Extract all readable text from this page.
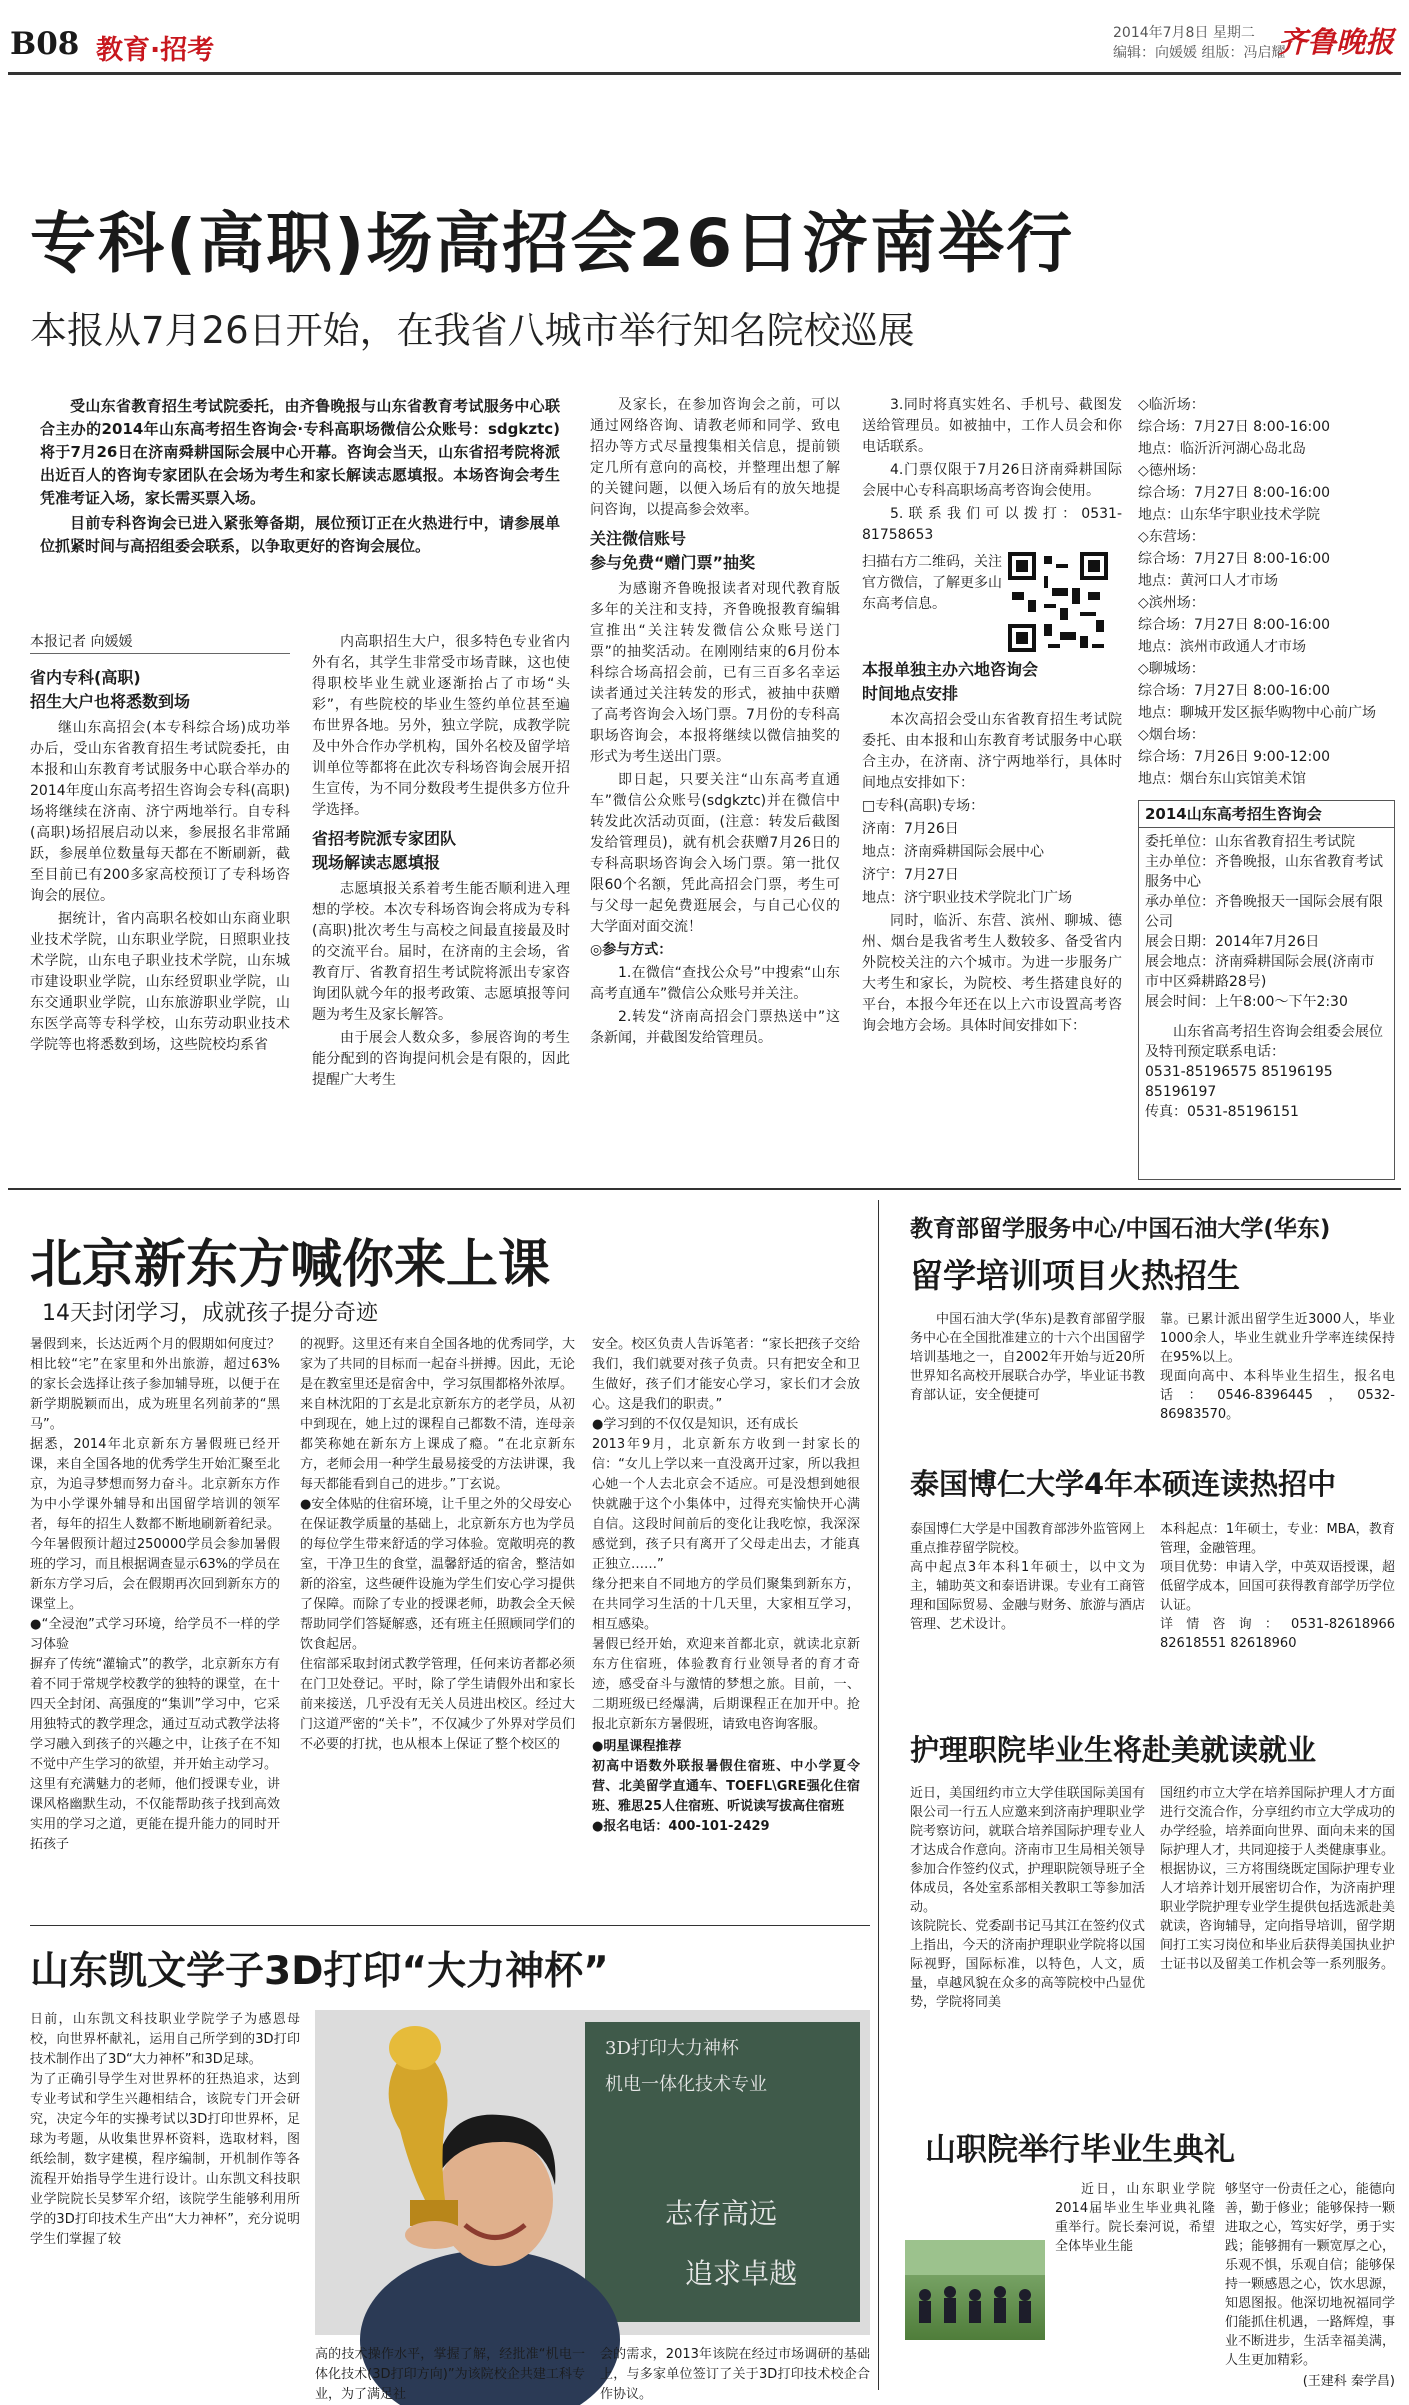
B08 教育·招考
2014年7月8日 星期二
编辑：向媛媛 组版：冯启耀
齐鲁晚报
专科(高职)场高招会26日济南举行
本报从7月26日开始，在我省八城市举行知名院校巡展

受山东省教育招生考试院委托，由齐鲁晚报与山东省教育考试服务中心联合主办的2014年山东高考招生咨询会·专科高职场微信公众账号：sdgkztc)将于7月26日在济南舜耕国际会展中心开幕。咨询会当天，山东省招考院将派出近百人的咨询专家团队在会场为考生和家长解读志愿填报。本场咨询会考生凭准考证入场，家长需买票入场。

目前专科咨询会已进入紧张筹备期，展位预订正在火热进行中，请参展单位抓紧时间与高招组委会联系，以争取更好的咨询会展位。

本报记者 向媛媛

省内专科(高职)

招生大户也将悉数到场

继山东高招会(本专科综合场)成功举办后，受山东省教育招生考试院委托，由本报和山东教育考试服务中心联合举办的2014年度山东高考招生咨询会专科(高职)场将继续在济南、济宁两地举行。自专科(高职)场招展启动以来，参展报名非常踊跃，参展单位数量每天都在不断刷新，截至目前已有200多家高校预订了专科场咨询会的展位。

据统计，省内高职名校如山东商业职业技术学院，山东职业学院，日照职业技术学院，山东电子职业技术学院，山东城市建设职业学院，山东经贸职业学院，山东交通职业学院，山东旅游职业学院，山东医学高等专科学校，山东劳动职业技术学院等也将悉数到场，这些院校均系省

内高职招生大户，很多特色专业省内外有名，其学生非常受市场青睐，这也使得职校毕业生就业逐渐抬占了市场“头彩”，有些院校的毕业生签约单位甚至遍布世界各地。另外，独立学院，成教学院及中外合作办学机构，国外名校及留学培训单位等都将在此次专科场咨询会展开招生宣传，为不同分数段考生提供多方位升学选择。

省招考院派专家团队

现场解读志愿填报

志愿填报关系着考生能否顺利进入理想的学校。本次专科场咨询会将成为专科(高职)批次考生与高校之间最直接最及时的交流平台。届时，在济南的主会场，省教育厅、省教育招生考试院将派出专家咨询团队就今年的报考政策、志愿填报等问题为考生及家长解答。

由于展会人数众多，参展咨询的考生能分配到的咨询提问机会是有限的，因此提醒广大考生

及家长，在参加咨询会之前，可以通过网络咨询、请教老师和同学、致电招办等方式尽量搜集相关信息，提前锁定几所有意向的高校，并整理出想了解的关键问题，以便入场后有的放矢地提问咨询，以提高参会效率。

关注微信账号

参与免费“赠门票”抽奖

为感谢齐鲁晚报读者对现代教育版多年的关注和支持，齐鲁晚报教育编辑宣推出“关注转发微信公众账号送门票”的抽奖活动。在刚刚结束的6月份本科综合场高招会前，已有三百多名幸运读者通过关注转发的形式，被抽中获赠了高考咨询会入场门票。7月份的专科高职场咨询会，本报将继续以微信抽奖的形式为考生送出门票。

即日起，只要关注“山东高考直通车”微信公众账号(sdgkztc)并在微信中转发此次活动页面，(注意：转发后截图发给管理员)，就有机会获赠7月26日的专科高职场咨询会入场门票。第一批仅限60个名额，凭此高招会门票，考生可与父母一起免费逛展会，与自己心仪的大学面对面交流！

◎参与方式：

1.在微信“查找公众号”中搜索“山东高考直通车”微信公众账号并关注。

2.转发“济南高招会门票热送中”这条新闻，并截图发给管理员。

3.同时将真实姓名、手机号、截图发送给管理员。如被抽中，工作人员会和你电话联系。

4.门票仅限于7月26日济南舜耕国际会展中心专科高职场高考咨询会使用。

5.联系我们可以拨打：0531-81758653

扫描右方二维码，关注官方微信，了解更多山东高考信息。

本报单独主办六地咨询会

时间地点安排

本次高招会受山东省教育招生考试院委托、由本报和山东教育考试服务中心联合主办，在济南、济宁两地举行，具体时间地点安排如下：

□专科(高职)专场：

济南：7月26日

地点：济南舜耕国际会展中心

济宁：7月27日

地点：济宁职业技术学院北门广场

同时，临沂、东营、滨州、聊城、德州、烟台是我省考生人数较多、备受省内外院校关注的六个城市。为进一步服务广大考生和家长，为院校、考生搭建良好的平台，本报今年还在以上六市设置高考咨询会地方会场。具体时间安排如下：

◇临沂场：

综合场：7月27日 8:00-16:00

地点：临沂沂河湖心岛北岛

◇德州场：

综合场：7月27日 8:00-16:00

地点：山东华宇职业技术学院

◇东营场：

综合场：7月27日 8:00-16:00

地点：黄河口人才市场

◇滨州场：

综合场：7月27日 8:00-16:00

地点：滨州市政通人才市场

◇聊城场：

综合场：7月27日 8:00-16:00

地点：聊城开发区振华购物中心前广场

◇烟台场：

综合场：7月26日 9:00-12:00

地点：烟台东山宾馆美术馆

2014山东高考招生咨询会
委托单位：山东省教育招生考试院
主办单位：齐鲁晚报，山东省教育考试服务中心
承办单位：齐鲁晚报天一国际会展有限公司
展会日期：2014年7月26日
展会地点：济南舜耕国际会展(济南市市中区舜耕路28号)
展会时间：上午8:00～下午2:30
山东省高考招生咨询会组委会展位及特刊预定联系电话：
0531-85196575 85196195 85196197
传真：0531-85196151
北京新东方喊你来上课
14天封闭学习，成就孩子提分奇迹
暑假到来，长达近两个月的假期如何度过？相比较“宅”在家里和外出旅游，超过63%的家长会选择让孩子参加辅导班，以便于在新学期脱颖而出，成为班里名列前茅的“黑马”。
据悉，2014年北京新东方暑假班已经开课，来自全国各地的优秀学生开始汇聚至北京，为追寻梦想而努力奋斗。北京新东方作为中小学课外辅导和出国留学培训的领军者，每年的招生人数都不断地刷新着纪录。今年暑假预计超过250000学员会参加暑假班的学习，而且根据调查显示63%的学员在新东方学习后，会在假期再次回到新东方的课堂上。
●“全浸泡”式学习环境，给学员不一样的学习体验
摒弃了传统“灌输式”的教学，北京新东方有着不同于常规学校教学的独特的课堂，在十四天全封闭、高强度的“集训”学习中，它采用独特式的教学理念，通过互动式教学法将学习融入到孩子的兴趣之中，让孩子在不知不觉中产生学习的欲望，并开始主动学习。
这里有充满魅力的老师，他们授课专业，讲课风格幽默生动，不仅能帮助孩子找到高效实用的学习之道，更能在提升能力的同时开拓孩子
的视野。这里还有来自全国各地的优秀同学，大家为了共同的目标而一起奋斗拼搏。因此，无论是在教室里还是宿舍中，学习氛围都格外浓厚。
来自林沈阳的丁玄是北京新东方的老学员，从初中到现在，她上过的课程自己都数不清，连母亲都笑称她在新东方上课成了瘾。“在北京新东方，老师会用一种学生最易接受的方法讲课，我每天都能看到自己的进步。”丁玄说。
●安全体贴的住宿环境，让千里之外的父母安心
在保证教学质量的基础上，北京新东方也为学员的每位学生带来舒适的学习体验。宽敞明亮的教室，干净卫生的食堂，温馨舒适的宿舍，整洁如新的浴室，这些硬件设施为学生们安心学习提供了保障。而除了专业的授课老师，助教会全天候帮助同学们答疑解惑，还有班主任照顾同学们的饮食起居。
住宿部采取封闭式教学管理，任何来访者都必须在门卫处登记。平时，除了学生请假外出和家长前来接送，几乎没有无关人员进出校区。经过大门这道严密的“关卡”，不仅减少了外界对学员们不必要的打扰，也从根本上保证了整个校区的
安全。校区负责人告诉笔者：“家长把孩子交给我们，我们就要对孩子负责。只有把安全和卫生做好，孩子们才能安心学习，家长们才会放心。这是我们的职责。”
●学习到的不仅仅是知识，还有成长
2013年9月，北京新东方收到一封家长的信：“女儿上学以来一直没离开过家，所以我担心她一个人去北京会不适应。可是没想到她很快就融于这个小集体中，过得充实愉快开心满自信。这段时间前后的变化让我吃惊，我深深感觉到，孩子只有离开了父母走出去，才能真正独立……”
缘分把来自不同地方的学员们聚集到新东方，在共同学习生活的十几天里，大家相互学习，相互感染。
暑假已经开始，欢迎来首都北京，就读北京新东方住宿班，体验教育行业领导者的育才奇迹，感受奋斗与激情的梦想之旅。目前，一、二期班级已经爆满，后期课程正在加开中。抢报北京新东方暑假班，请致电咨询客服。
●明星课程推荐
初高中语数外联报暑假住宿班、中小学夏令营、北美留学直通车、TOEFL\GRE强化住宿班、雅思25人住宿班、听说读写拔高住宿班
●报名电话：400-101-2429
教育部留学服务中心/中国石油大学(华东)
留学培训项目火热招生

中国石油大学(华东)是教育部留学服务中心在全国批准建立的十六个出国留学培训基地之一，自2002年开始与近20所世界知名高校开展联合办学，毕业证书教育部认证，安全便捷可

靠。已累计派出留学生近3000人，毕业1000余人，毕业生就业升学率连续保持在95%以上。
现面向高中、本科毕业生招生，报名电话：0546-8396445，0532-86983570。
泰国博仁大学4年本硕连读热招中
泰国博仁大学是中国教育部涉外监管网上重点推荐留学院校。
高中起点3年本科1年硕士，以中文为主，辅助英文和泰语讲课。专业有工商管理和国际贸易、金融与财务、旅游与酒店管理、艺术设计。
本科起点：1年硕士，专业：MBA，教育管理，金融管理。
项目优势：申请入学，中英双语授课，超低留学成本，回国可获得教育部学历学位认证。
详情咨询：0531-82618966 82618551 82618960
护理职院毕业生将赴美就读就业
近日，美国纽约市立大学佳联国际美国有限公司一行五人应邀来到济南护理职业学院考察访问，就联合培养国际护理专业人才达成合作意向。济南市卫生局相关领导参加合作签约仪式，护理职院领导班子全体成员，各处室系部相关教职工等参加活动。
该院院长、党委副书记马其江在签约仪式上指出，今天的济南护理职业学院将以国际视野，国际标准，以特色，人文，质量，卓越风貌在众多的高等院校中凸显优势，学院将同美
国纽约市立大学在培养国际护理人才方面进行交流合作，分享纽约市立大学成功的办学经验，培养面向世界、面向未来的国际护理人才，共同迎接于人类健康事业。
根据协议，三方将围绕既定国际护理专业人才培养计划开展密切合作，为济南护理职业学院护理专业学生提供包括选派赴美就读，咨询辅导，定向指导培训，留学期间打工实习岗位和毕业后获得美国执业护士证书以及留美工作机会等一系列服务。
山职院举行毕业生典礼

近日，山东职业学院2014届毕业生毕业典礼隆重举行。院长秦河说，希望全体毕业生能

够坚守一份责任之心，能德向善，勤于修业；能够保持一颗进取之心，笃实好学，勇于实践；能够拥有一颗宽厚之心，乐观不惧，乐观自信；能够保持一颗感恩之心，饮水思源，知恩图报。他深切地祝福同学们能抓住机遇，一路辉煌，事业不断进步，生活幸福美满，人生更加精彩。

(王建科 秦学昌)

山东凯文学子3D打印“大力神杯”
日前，山东凯文科技职业学院学子为感恩母校，向世界杯献礼，运用自己所学到的3D打印技术制作出了3D“大力神杯”和3D足球。
为了正确引导学生对世界杯的狂热追求，达到专业考试和学生兴趣相结合，该院专门开会研究，决定今年的实操考试以3D打印世界杯，足球为考题，从收集世界杯资料，选取材料，图纸绘制，数字建模，程序编制，开机制作等各流程开始指导学生进行设计。山东凯文科技职业学院院长吴梦军介绍，该院学生能够利用所学的3D打印技术生产出“大力神杯”，充分说明学生们掌握了较
3D打印大力神杯
机电一体化技术专业
志存高远
追求卓越

高的技术操作水平，掌握了解，经批准“机电一体化技术(3D打印方向)”为该院校企共建工科专业，为了满足社

会的需求，2013年该院在经过市场调研的基础上，与多家单位签订了关于3D打印技术校企合作协议。
